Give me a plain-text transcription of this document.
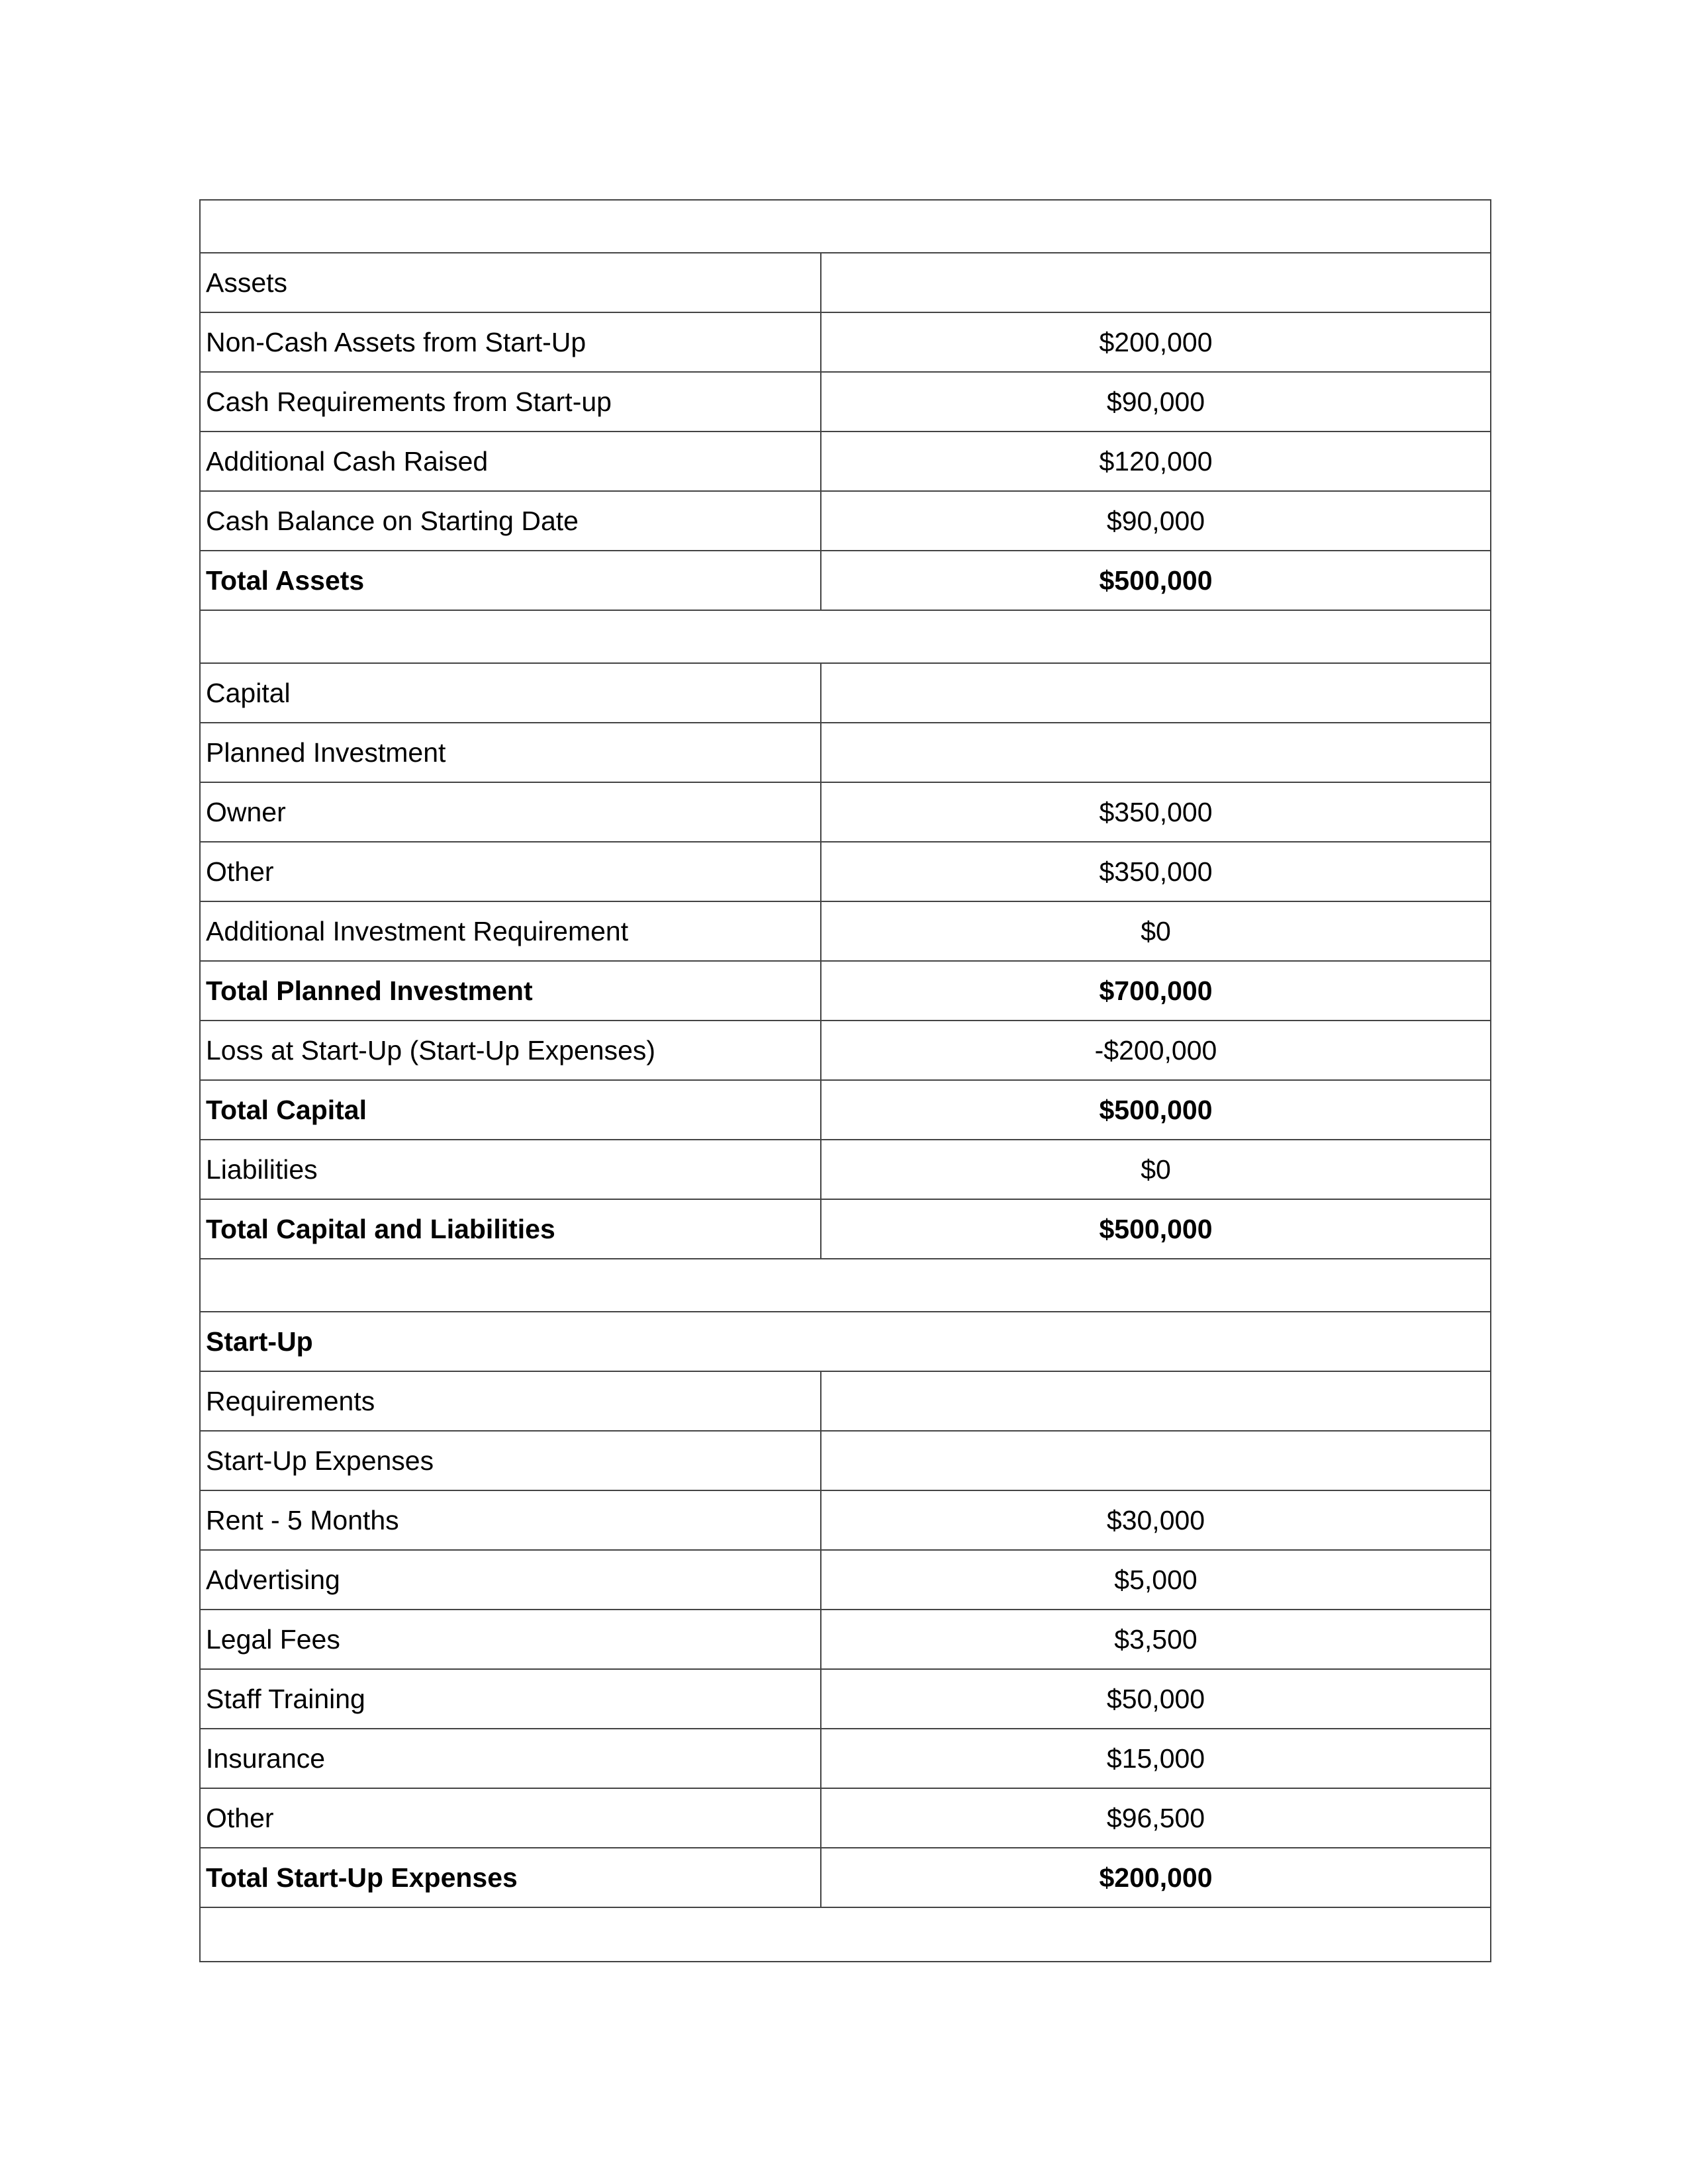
Assets
Non-Cash Assets from Start-Up	$200,000
Cash Requirements from Start-up	$90,000
Additional Cash Raised	$120,000
Cash Balance on Starting Date	$90,000
Total Assets	$500,000
Capital
Planned Investment
Owner	$350,000
Other	$350,000
Additional Investment Requirement	$0
Total Planned Investment	$700,000
Loss at Start-Up (Start-Up Expenses)	-$200,000
Total Capital	$500,000
Liabilities	$0
Total Capital and Liabilities	$500,000
Start-Up
Requirements
Start-Up Expenses
Rent - 5 Months	$30,000
Advertising	$5,000
Legal Fees	$3,500
Staff Training	$50,000
Insurance	$15,000
Other	$96,500
Total Start-Up Expenses	$200,000
